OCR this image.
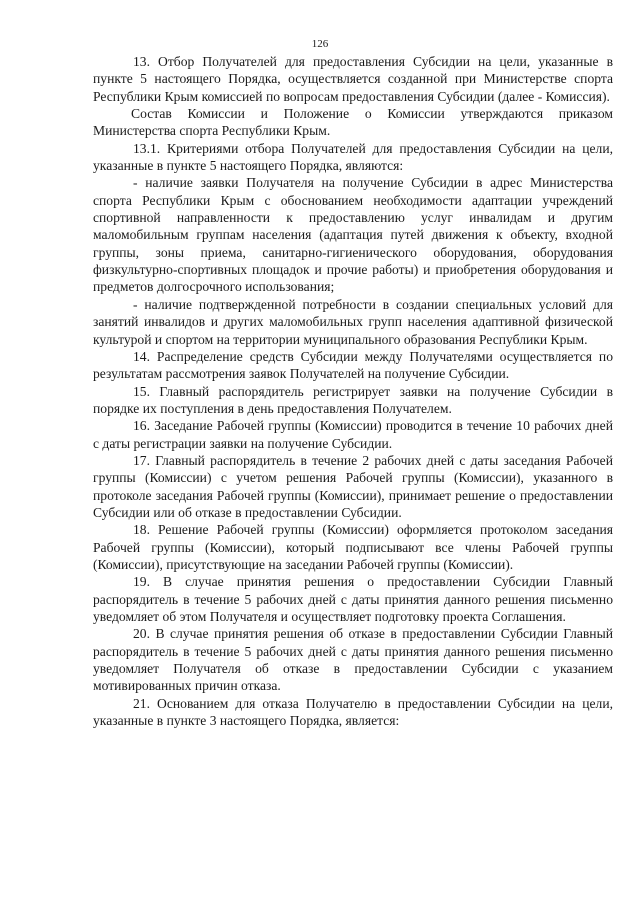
126

13. Отбор Получателей для предоставления Субсидии на цели, указанные в пункте 5 настоящего Порядка, осуществляется созданной при Министерстве спорта Республики Крым комиссией по вопросам предоставления Субсидии (далее - Комиссия).

Состав Комиссии и Положение о Комиссии утверждаются приказом Министерства спорта Республики Крым.

13.1. Критериями отбора Получателей для предоставления Субсидии на цели, указанные в пункте 5 настоящего Порядка, являются:

- наличие заявки Получателя на получение Субсидии в адрес Министерства спорта Республики Крым с обоснованием необходимости адаптации учреждений спортивной направленности к предоставлению услуг инвалидам и другим маломобильным группам населения (адаптация путей движения к объекту, входной группы, зоны приема, санитарно-гигиенического оборудования, оборудования физкультурно-спортивных площадок и прочие работы) и приобретения оборудования и предметов долгосрочного использования;

- наличие подтвержденной потребности в создании специальных условий для занятий инвалидов и других маломобильных групп населения адаптивной физической культурой и спортом на территории муниципального образования Республики Крым.

14. Распределение средств Субсидии между Получателями осуществляется по результатам рассмотрения заявок Получателей на получение Субсидии.

15. Главный распорядитель регистрирует заявки на получение Субсидии в порядке их поступления в день предоставления Получателем.

16. Заседание Рабочей группы (Комиссии) проводится в течение 10 рабочих дней с даты регистрации заявки на получение Субсидии.

17. Главный распорядитель в течение 2 рабочих дней с даты заседания Рабочей группы (Комиссии) с учетом решения Рабочей группы (Комиссии), указанного в протоколе заседания Рабочей группы (Комиссии), принимает решение о предоставлении Субсидии или об отказе в предоставлении Субсидии.

18. Решение Рабочей группы (Комиссии) оформляется протоколом заседания Рабочей группы (Комиссии), который подписывают все члены Рабочей группы (Комиссии), присутствующие на заседании Рабочей группы (Комиссии).

19. В случае принятия решения о предоставлении Субсидии Главный распорядитель в течение 5 рабочих дней с даты принятия данного решения письменно уведомляет об этом Получателя и осуществляет подготовку проекта Соглашения.

20. В случае принятия решения об отказе в предоставлении Субсидии Главный распорядитель в течение 5 рабочих дней с даты принятия данного решения письменно уведомляет Получателя об отказе в предоставлении Субсидии с указанием мотивированных причин отказа.

21. Основанием для отказа Получателю в предоставлении Субсидии на цели, указанные в пункте 3 настоящего Порядка, является:
